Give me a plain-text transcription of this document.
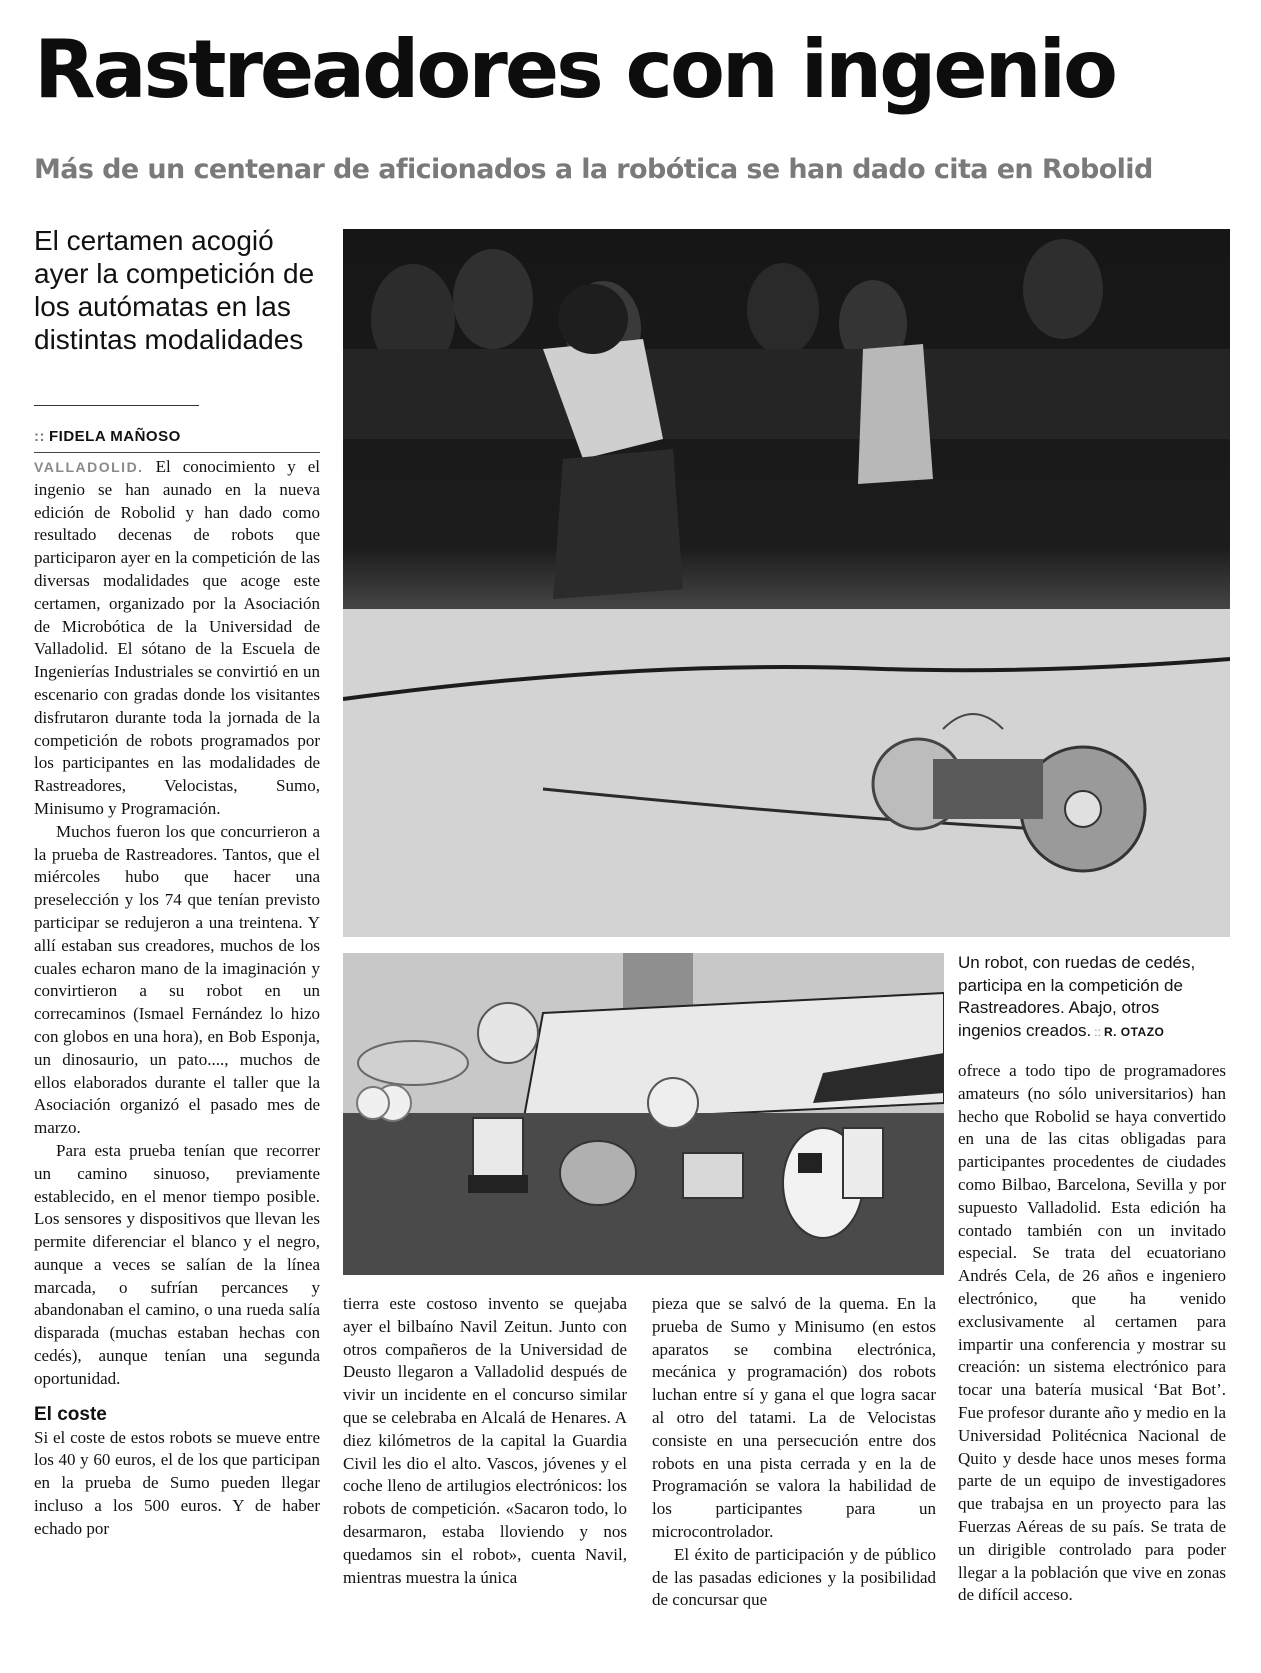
Rastreadores con ingenio
Más de un centenar de aficionados a la robótica se han dado cita en Robolid
El certamen acogió ayer la competición de los autómatas en las distintas modalidades
:: FIDELA MAÑOSO

VALLADOLID. El conocimiento y el ingenio se han aunado en la nueva edición de Robolid y han dado como resultado decenas de robots que participaron ayer en la competición de las diversas modalidades que acoge este certamen, organizado por la Asociación de Microbótica de la Universidad de Valladolid. El sótano de la Escuela de Ingenierías Industriales se convirtió en un escenario con gradas donde los visitantes disfrutaron durante toda la jornada de la competición de robots programados por los participantes en las modalidades de Rastreadores, Velocistas, Sumo, Minisumo y Programación.

Muchos fueron los que concurrieron a la prueba de Rastreadores. Tantos, que el miércoles hubo que hacer una preselección y los 74 que tenían previsto participar se redujeron a una treintena. Y allí estaban sus creadores, muchos de los cuales echaron mano de la imaginación y convirtieron a su robot en un correcaminos (Ismael Fernández lo hizo con globos en una hora), en Bob Esponja, un dinosaurio, un pato...., muchos de ellos elaborados durante el taller que la Asociación organizó el pasado mes de marzo.

Para esta prueba tenían que recorrer un camino sinuoso, previamente establecido, en el menor tiempo posible. Los sensores y dispositivos que llevan les permite diferenciar el blanco y el negro, aunque a veces se salían de la línea marcada, o sufrían percances y abandonaban el camino, o una rueda salía disparada (muchas estaban hechas con cedés), aunque tenían una segunda oportunidad.

El coste

Si el coste de estos robots se mueve entre los 40 y 60 euros, el de los que participan en la prueba de Sumo pueden llegar incluso a los 500 euros. Y de haber echado por

Un robot, con ruedas de cedés, participa en la competición de Rastreadores. Abajo, otros ingenios creados. :: R. OTAZO

tierra este costoso invento se quejaba ayer el bilbaíno Navil Zeitun. Junto con otros compañeros de la Universidad de Deusto llegaron a Valladolid después de vivir un incidente en el concurso similar que se celebraba en Alcalá de Henares. A diez kilómetros de la capital la Guardia Civil les dio el alto. Vascos, jóvenes y el coche lleno de artilugios electrónicos: los robots de competición. «Sacaron todo, lo desarmaron, estaba lloviendo y nos quedamos sin el robot», cuenta Navil, mientras muestra la única

pieza que se salvó de la quema. En la prueba de Sumo y Minisumo (en estos aparatos se combina electrónica, mecánica y programación) dos robots luchan entre sí y gana el que logra sacar al otro del tatami. La de Velocistas consiste en una persecución entre dos robots en una pista cerrada y en la de Programación se valora la habilidad de los participantes para un microcontrolador.

El éxito de participación y de público de las pasadas ediciones y la posibilidad de concursar que

ofrece a todo tipo de programadores amateurs (no sólo universitarios) han hecho que Robolid se haya convertido en una de las citas obligadas para participantes procedentes de ciudades como Bilbao, Barcelona, Sevilla y por supuesto Valladolid. Esta edición ha contado también con un invitado especial. Se trata del ecuatoriano Andrés Cela, de 26 años e ingeniero electrónico, que ha venido exclusivamente al certamen para impartir una conferencia y mostrar su creación: un sistema electrónico para tocar una batería musical ‘Bat Bot’. Fue profesor durante año y medio en la Universidad Politécnica Nacional de Quito y desde hace unos meses forma parte de un equipo de investigadores que trabajsa en un proyecto para las Fuerzas Aéreas de su país. Se trata de un dirigible controlado para poder llegar a la población que vive en zonas de difícil acceso.
